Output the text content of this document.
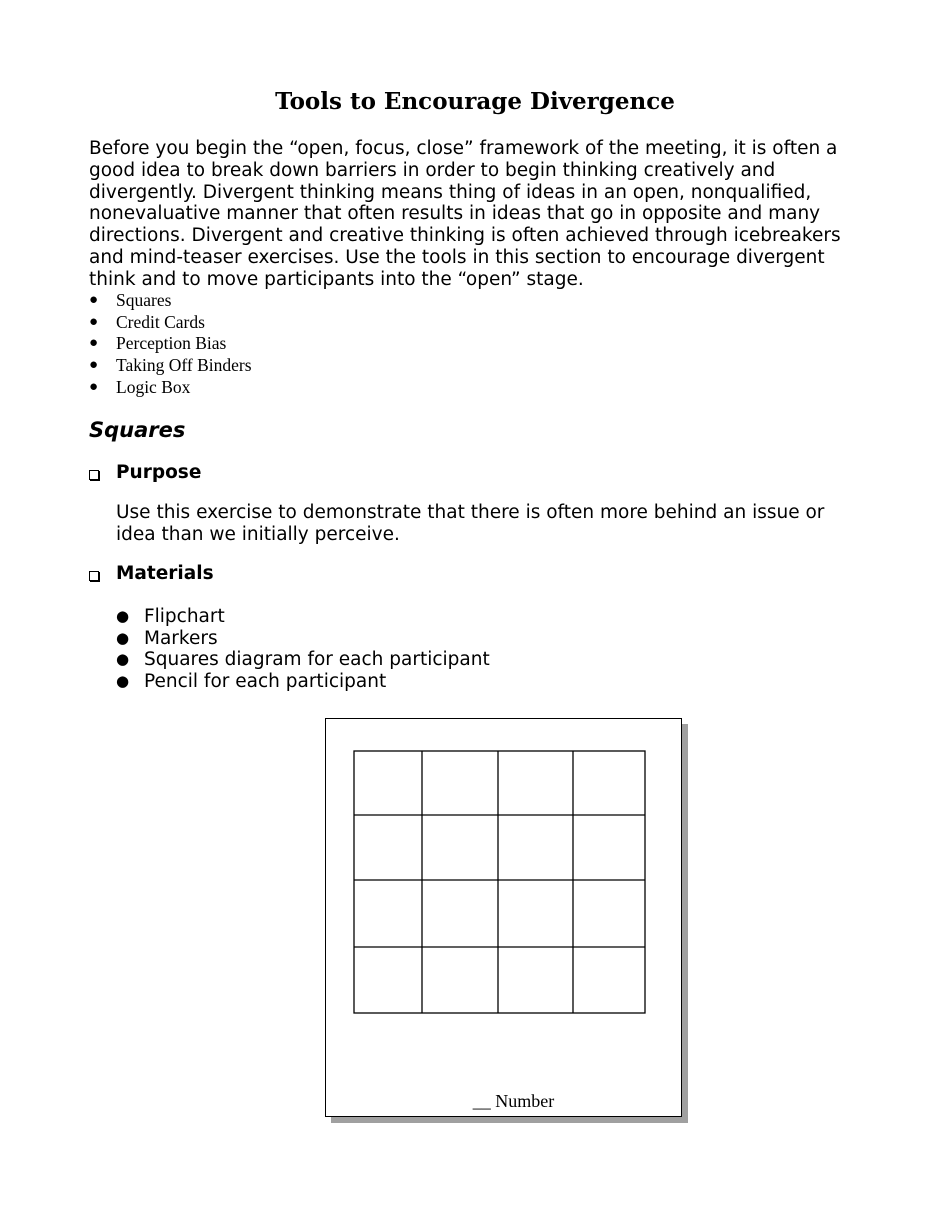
Tools to Encourage Divergence

Before you begin the “open, focus, close” framework of the meeting, it is often a good idea to break down barriers in order to begin thinking creatively and divergently. Divergent thinking means thing of ideas in an open, nonqualified, nonevaluative manner that often results in ideas that go in opposite and many directions. Divergent and creative thinking is often achieved through icebreakers and mind-teaser exercises. Use the tools in this section to encourage divergent think and to move participants into the “open” stage.

● Squares
● Credit Cards
● Perception Bias
● Taking Off Binders
● Logic Box
Squares
Purpose

Use this exercise to demonstrate that there is often more behind an issue or idea than we initially perceive.

Materials
● Flipchart
● Markers
● Squares diagram for each participant
● Pencil for each participant
__ Number
